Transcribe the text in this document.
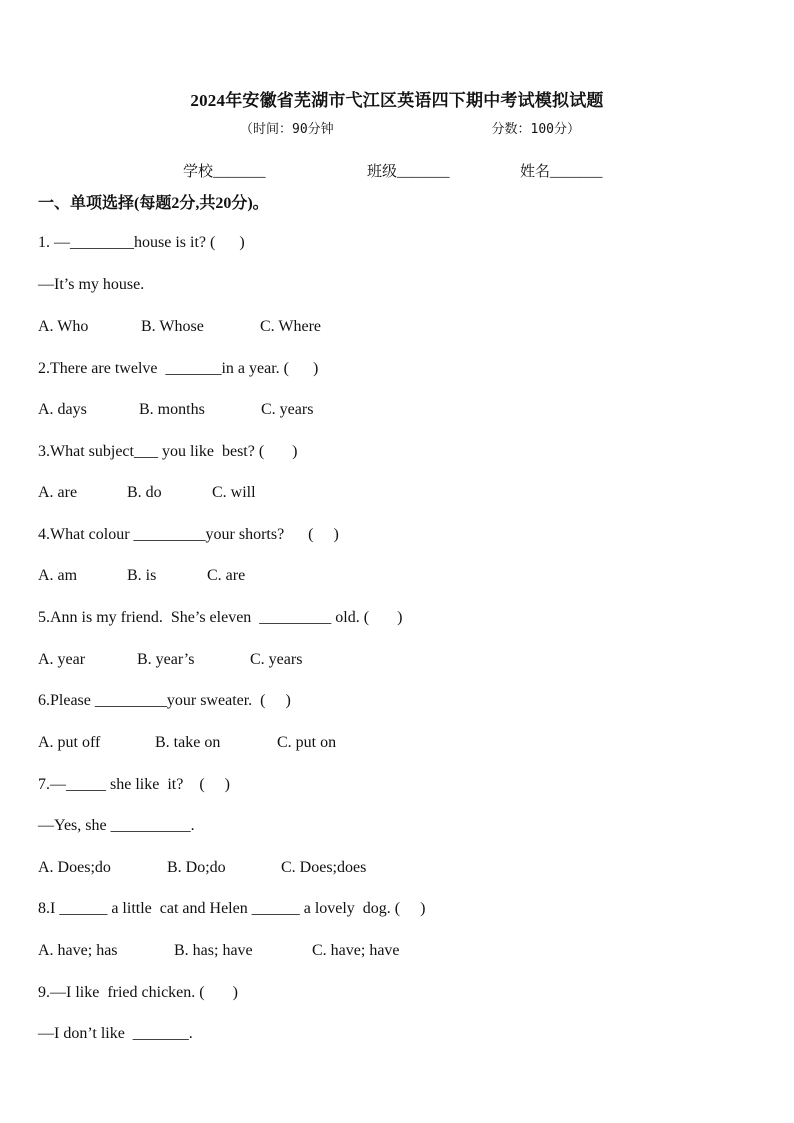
2024年安徽省芜湖市弋江区英语四下期中考试模拟试题
（时间：90分钟	分数：100分）
学校_______	班级_______	姓名_______
一、单项选择(每题2分,共20分)。
1. —________house is it? (      )
—It’s my house.
A. Who	B. Whose	C. Where
2.There are twelve  _______in a year. (      )
A. days	B. months	C. years
3.What subject___ you like  best? (       )
A. are	B. do	C. will
4.What colour _________your shorts?      (     )
A. am	B. is	C. are
5.Ann is my friend.  She’s eleven  _________ old. (       )
A. year	B. year’s	C. years
6.Please _________your sweater.  (     )
A. put off	B. take on	C. put on
7.—_____ she like  it?    (     )
—Yes, she __________.
A. Does;do	B. Do;do	C. Does;does
8.I ______ a little  cat and Helen ______ a lovely  dog. (     )
A. have; has	B. has; have	C. have; have
9.—I like  fried chicken. (       )
—I don’t like  _______.
